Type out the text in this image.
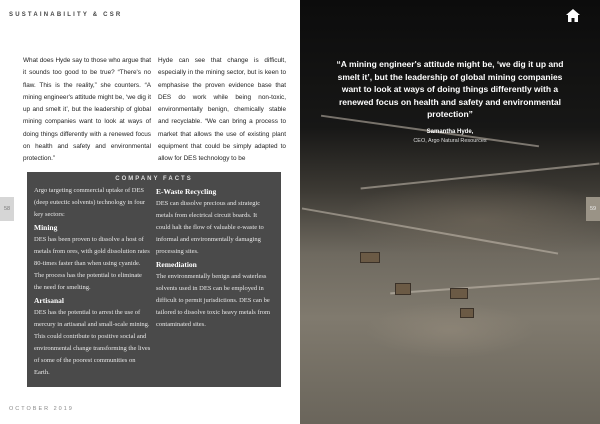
SUSTAINABILITY & CSR
What does Hyde say to those who argue that it sounds too good to be true? “There's no flaw. This is the reality,” she counters. “A mining engineer's attitude might be, ‘we dig it up and smelt it’, but the leadership of global mining companies want to look at ways of doing things differently with a renewed focus on health and safety and environmental protection.”
Hyde can see that change is difficult, especially in the mining sector, but is keen to emphasise the proven evidence base that DES do work while being non-toxic, environmentally benign, chemically stable and recyclable. “We can bring a process to market that allows the use of existing plant equipment that could be simply adapted to allow for DES technology to be
58
OCTOBER 2019
“A mining engineer's attitude might be, ‘we dig it up and smelt it’, but the leadership of global mining companies want to look at ways of doing things differently with a renewed focus on health and safety and environmental protection”
Samantha Hyde,
CEO, Argo Natural Resources
59
COMPANY FACTS

Argo targeting commercial uptake of DES (deep eutectic solvents) technology in four key sectors:

Mining

DES has been proven to dissolve a host of metals from ores, with gold dissolution rates 80-times faster than when using cyanide. The process has the potential to eliminate the need for smelting.

Artisanal

DES has the potential to arrest the use of mercury in artisanal and small-scale mining. This could contribute to positive social and environmental change transforming the lives of some of the poorest communities on Earth.

E-Waste Recycling

DES can dissolve precious and strategic metals from electrical circuit boards. It could halt the flow of valuable e-waste to informal and environmentally damaging processing sites.

Remediation

The environmentally benign and waterless solvents used in DES can be employed in difficult to permit jurisdictions. DES can be tailored to dissolve toxic heavy metals from contaminated sites.
